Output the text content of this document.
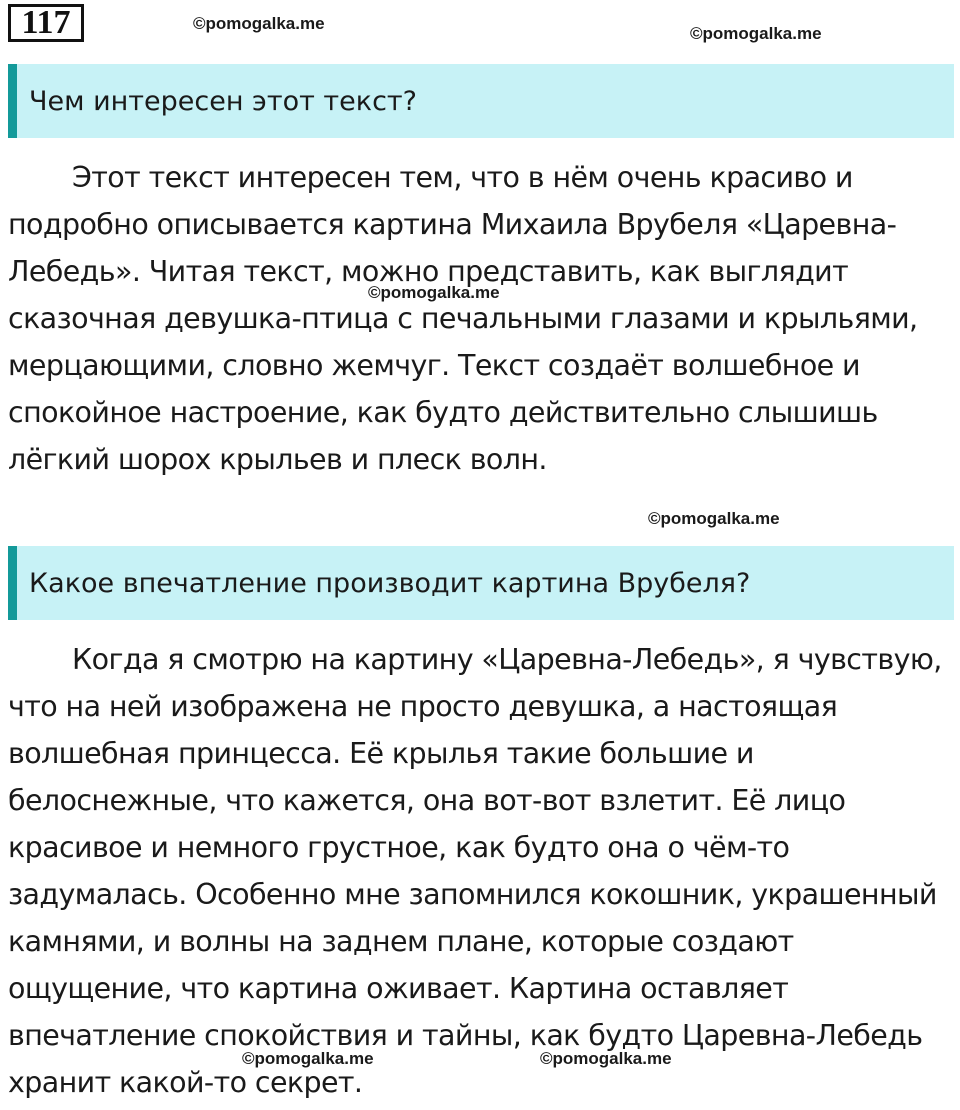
117
Чем интересен этот текст?

Этот текст интересен тем, что в нём очень красиво и подробно описывается картина Михаила Врубеля «Царевна-Лебедь». Читая текст, можно представить, как выглядит сказочная девушка-птица с печальными глазами и крыльями, мерцающими, словно жемчуг. Текст создаёт волшебное и спокойное настроение, как будто действительно слышишь лёгкий шорох крыльев и плеск волн.

Какое впечатление производит картина Врубеля?

Когда я смотрю на картину «Царевна-Лебедь», я чувствую, что на ней изображена не просто девушка, а настоящая волшебная принцесса. Её крылья такие большие и белоснежные, что кажется, она вот-вот взлетит. Её лицо красивое и немного грустное, как будто она о чём-то задумалась. Особенно мне запомнился кокошник, украшенный камнями, и волны на заднем плане, которые создают ощущение, что картина оживает. Картина оставляет впечатление спокойствия и тайны, как будто Царевна-Лебедь хранит какой-то секрет.

©pomogalka.me
©pomogalka.me
©pomogalka.me
©pomogalka.me
©pomogalka.me	©pomogalka.me
